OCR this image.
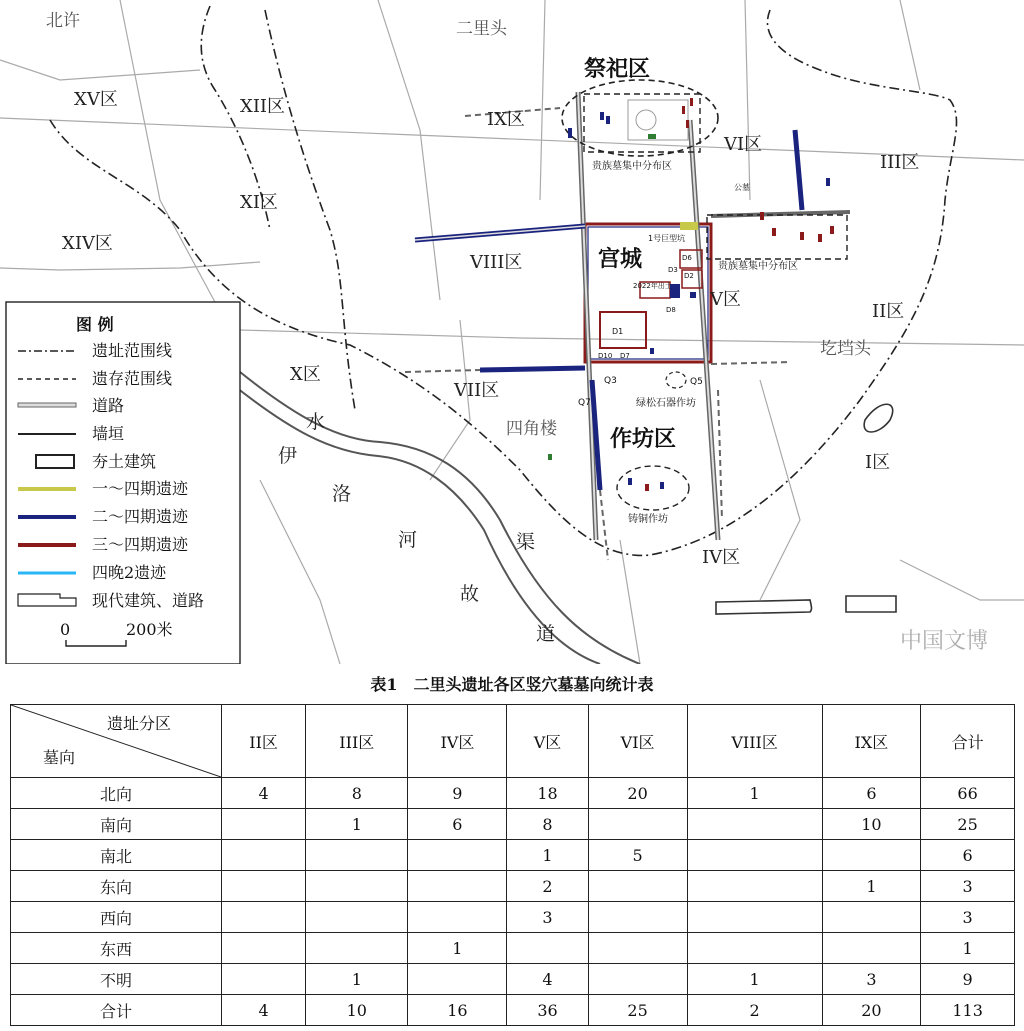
XV区	XII区
IX区
VI区
III区
XI区
XIV区
VIII区
V区
II区
X区
VII区
I区
IV区
北许	二里头
圪垱头
四角楼
祭祀区
宫城
作坊区
贵族墓集中分布区
贵族墓集中分布区
绿松石器作坊
铸铜作坊
1号巨型坑
公墓
2022年出土
D1
D2
D3
D6
D7
D8
D10
Q3	Q5
Q7
伊
水
洛
河	渠
故
道	中国文博
图 例
遗址范围线
遗存范围线
道路
墙垣
夯土建筑
一～四期遗迹
二～四期遗迹
三～四期遗迹
四晚2遗迹
现代建筑、道路
0	200米
表1　二里头遗址各区竖穴墓墓向统计表
遗址分区
墓向	II区	III区	IV区	V区	VI区	VIII区	IX区	合计
北向	4	8	9	18	20	1	6	66
南向		1	6	8			10	25
南北				1	5			6
东向				2			1	3
西向				3				3
东西			1					1
不明		1		4		1	3	9
合计	4	10	16	36	25	2	20	113
